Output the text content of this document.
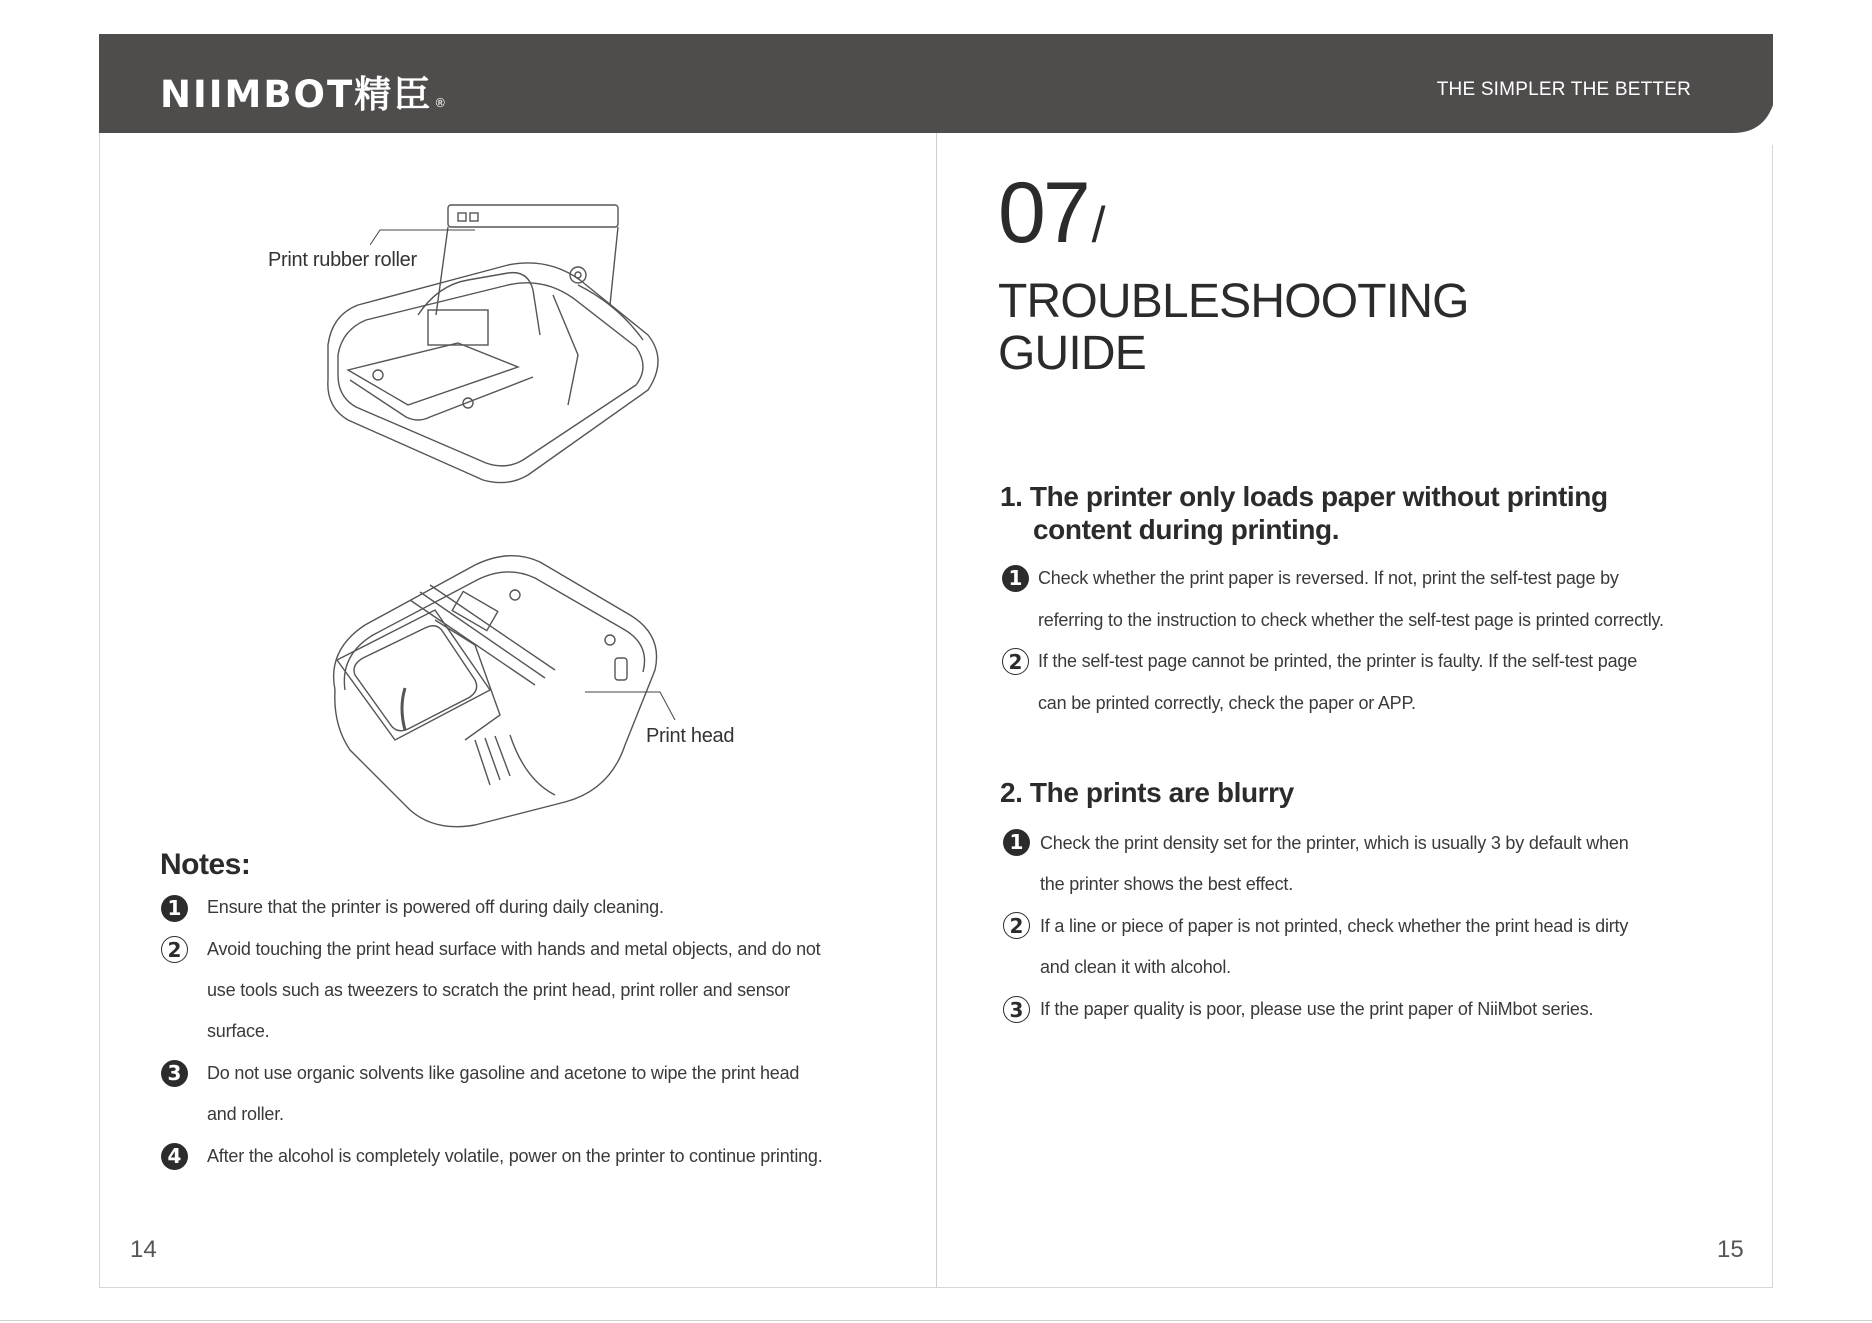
NIIMBOT精臣 ®
THE SIMPLER THE BETTER
Print rubber roller
Print head
Notes:
1	Ensure that the printer is powered off during daily cleaning.
2	Avoid touching the print head surface with hands and metal objects, and do not
use tools such as tweezers to scratch the print head, print roller and sensor
surface.
3	Do not use organic solvents like gasoline and acetone to wipe the print head
and roller.
4	After the alcohol is completely volatile, power on the printer to continue printing.
14
07/
TROUBLESHOOTING
GUIDE
1. The printer only loads paper without printing
content during printing.
1 Check whether the print paper is reversed. If not, print the self-test page by
referring to the instruction to check whether the self-test page is printed correctly.
2 If the self-test page cannot be printed, the printer is faulty. If the self-test page
can be printed correctly, check the paper or APP.
2. The prints are blurry
1 Check the print density set for the printer, which is usually 3 by default when
the printer shows the best effect.
2 If a line or piece of paper is not printed, check whether the print head is dirty
and clean it with alcohol.
3 If the paper quality is poor, please use the print paper of NiiMbot series.
15
